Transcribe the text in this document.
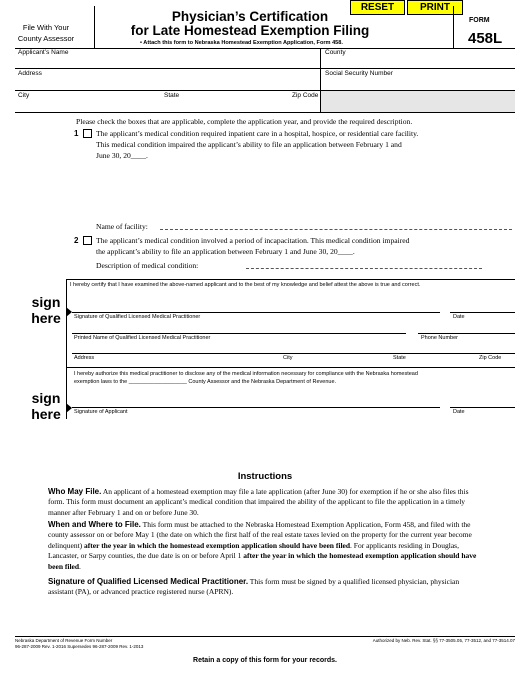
File With Your
County Assessor
Physician’s Certification
for Late Homestead Exemption Filing
• Attach this form to Nebraska Homestead Exemption Application, Form 458.
RESET	PRINT
FORM
458L
Applicant’s Name	County
Address	Social Security Number
City	State	Zip Code
Please check the boxes that are applicable, complete the application year, and provide the required description.
1 The applicant’s medical condition required inpatient care in a hospital, hospice, or residential care facility.
This medical condition impaired the applicant’s ability to file an application between February 1 and
June 30, 20____.
Name of facility:
2 The applicant’s medical condition involved a period of incapacitation. This medical condition impaired
the applicant’s ability to file an application between February 1 and June 30, 20____.
Description of medical condition:
I hereby certify that I have examined the above-named applicant and to the best of my knowledge and belief attest the above is true and correct.
sign
here	Signature of Qualified Licensed Medical Practitioner	Date
Printed Name of Qualified Licensed Medical Practitioner	Phone Number
Address	City	State	Zip Code
I hereby authorize this medical practitioner to disclose any of the medical information necessary for compliance with the Nebraska homestead
exemption laws to the ___________________ County Assessor and the Nebraska Department of Revenue.
sign
here	Signature of Applicant	Date
Instructions
Who May File. An applicant of a homestead exemption may file a late application (after June 30) for exemption if he or she also files this form. This form must document an applicant’s medical condition that impaired the ability of the applicant to file the application in a timely manner after February 1 and on or before June 30.
When and Where to File. This form must be attached to the Nebraska Homestead Exemption Application, Form 458, and filed with the county assessor on or before May 1 (the date on which the first half of the real estate taxes levied on the property for the current year become delinquent) after the year in which the homestead exemption application should have been filed. For applicants residing in Douglas, Lancaster, or Sarpy counties, the due date is on or before April 1 after the year in which the homestead exemption application should have been filed.
Signature of Qualified Licensed Medical Practitioner. This form must be signed by a qualified licensed physician, physician assistant (PA), or advanced practice registered nurse (APRN).
Nebraska Department of Revenue Form Number
96-287-2009 Rev. 1-2016 Supersedes 96-287-2009 Rev. 1-2013
Authorized by Neb. Rev. Stat. §§ 77-3505.05, 77-3512, and 77-3514.07
Retain a copy of this form for your records.
